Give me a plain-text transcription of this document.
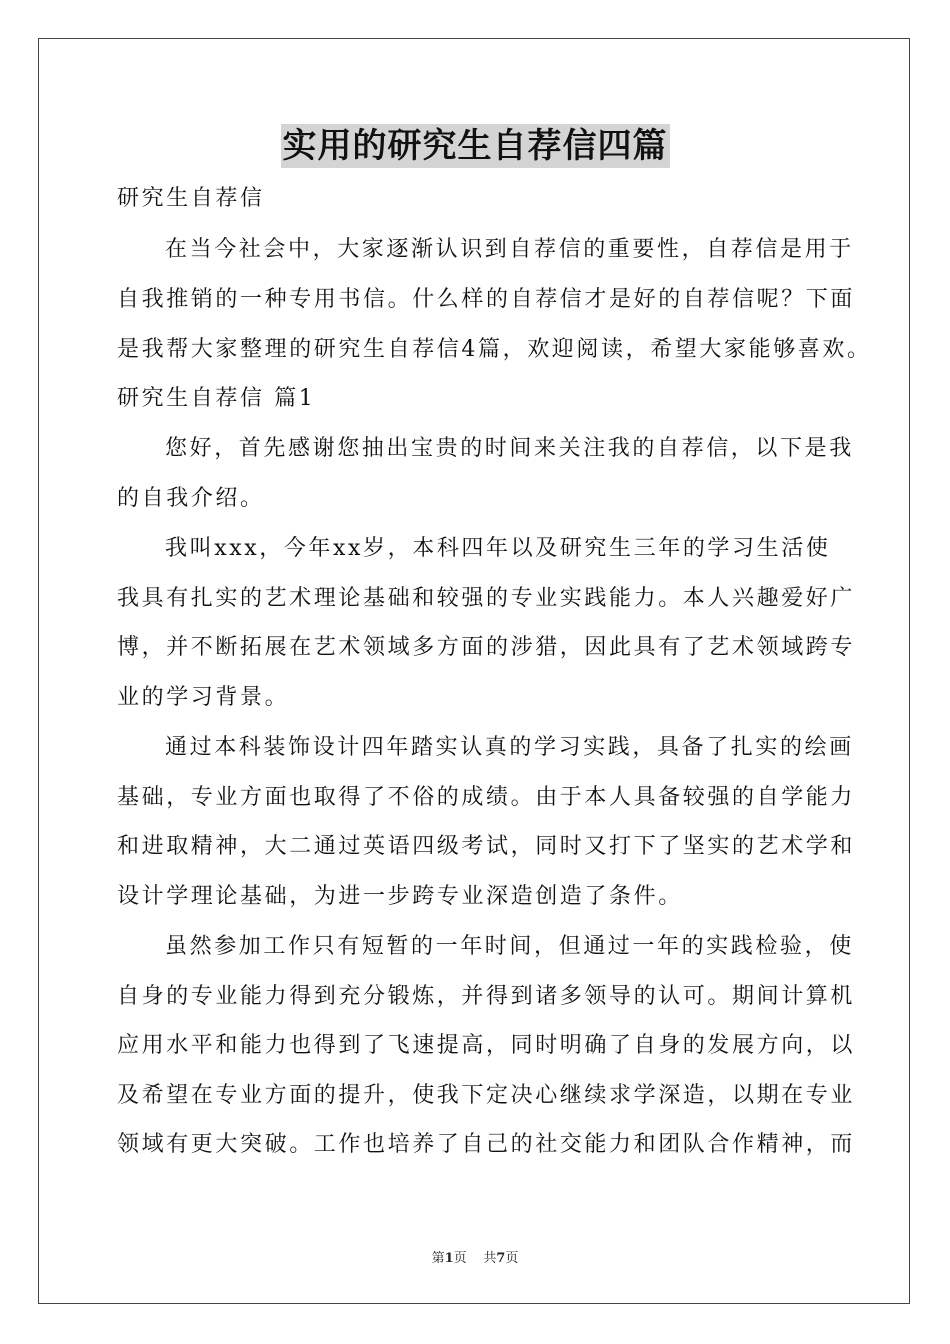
实用的研究生自荐信四篇
研究生自荐信
在当今社会中，大家逐渐认识到自荐信的重要性，自荐信是用于
自我推销的一种专用书信。什么样的自荐信才是好的自荐信呢？下面
是我帮大家整理的研究生自荐信4篇，欢迎阅读，希望大家能够喜欢。
研究生自荐信 篇1
您好，首先感谢您抽出宝贵的时间来关注我的自荐信，以下是我
的自我介绍。
我叫xxx，今年xx岁，本科四年以及研究生三年的学习生活使
我具有扎实的艺术理论基础和较强的专业实践能力。本人兴趣爱好广
博，并不断拓展在艺术领域多方面的涉猎，因此具有了艺术领域跨专
业的学习背景。
通过本科装饰设计四年踏实认真的学习实践，具备了扎实的绘画
基础，专业方面也取得了不俗的成绩。由于本人具备较强的自学能力
和进取精神，大二通过英语四级考试，同时又打下了坚实的艺术学和
设计学理论基础，为进一步跨专业深造创造了条件。
虽然参加工作只有短暂的一年时间，但通过一年的实践检验，使
自身的专业能力得到充分锻炼，并得到诸多领导的认可。期间计算机
应用水平和能力也得到了飞速提高，同时明确了自身的发展方向，以
及希望在专业方面的提升，使我下定决心继续求学深造，以期在专业
领域有更大突破。工作也培养了自己的社交能力和团队合作精神，而
第1页 共7页
